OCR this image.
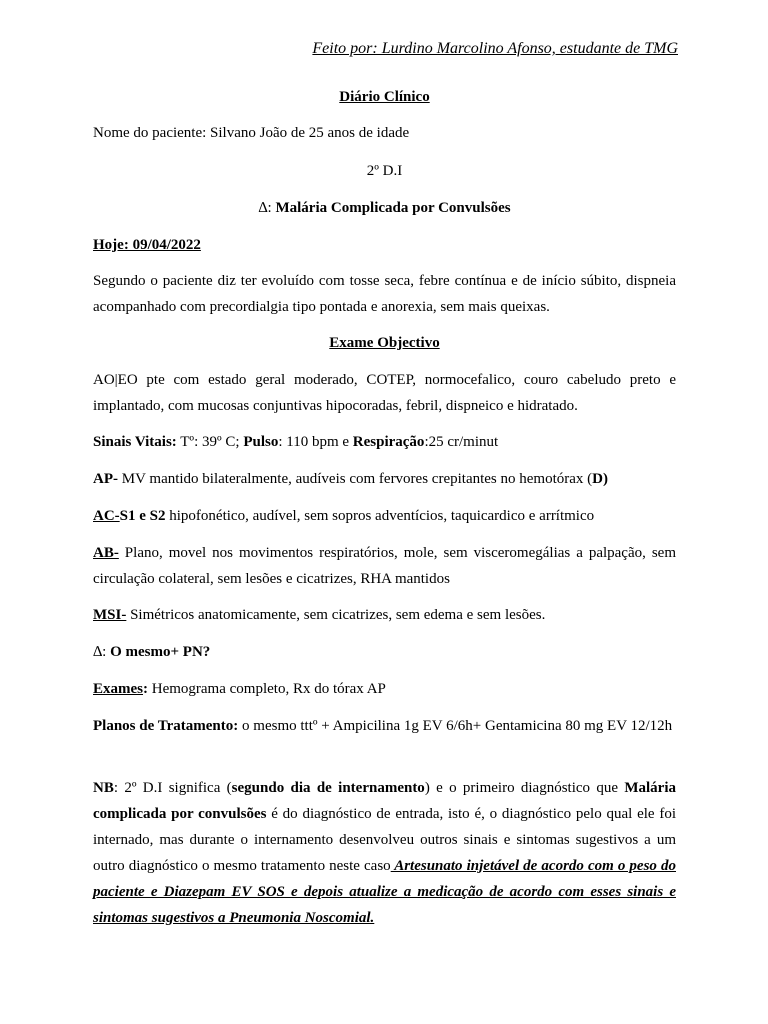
Feito por: Lurdino Marcolino Afonso, estudante de TMG
Diário Clínico
Nome do paciente: Silvano João de 25 anos de idade
2º D.I
∆: Malária Complicada por Convulsões
Hoje: 09/04/2022
Segundo o paciente diz ter evoluído com tosse seca, febre contínua e de início súbito, dispneia acompanhado com precordialgia tipo pontada e anorexia, sem mais queixas.
Exame Objectivo
AO|EO pte com estado geral moderado, COTEP, normocefalico, couro cabeludo preto e implantado, com mucosas conjuntivas hipocoradas, febril, dispneico e hidratado.
Sinais Vitais: Tº: 39º C; Pulso: 110 bpm e Respiração:25 cr/minut
AP- MV mantido bilateralmente, audíveis com fervores crepitantes no hemotórax (D)
AC-S1 e S2 hipofonético, audível, sem sopros adventícios, taquicardico e arrítmico
AB- Plano, movel nos movimentos respiratórios, mole, sem visceromegálias a palpação, sem circulação colateral, sem lesões e cicatrizes, RHA mantidos
MSI- Simétricos anatomicamente, sem cicatrizes, sem edema e sem lesões.
∆: O mesmo+ PN?
Exames: Hemograma completo, Rx do tórax AP
Planos de Tratamento: o mesmo tttº + Ampicilina 1g EV 6/6h+ Gentamicina 80 mg EV 12/12h
NB: 2º D.I significa (segundo dia de internamento) e o primeiro diagnóstico que Malária complicada por convulsões é do diagnóstico de entrada, isto é, o diagnóstico pelo qual ele foi internado, mas durante o internamento desenvolveu outros sinais e sintomas sugestivos a um outro diagnóstico o mesmo tratamento neste caso Artesunato injetável de acordo com o peso do paciente e Diazepam EV SOS e depois atualize a medicação de acordo com esses sinais e sintomas sugestivos a Pneumonia Noscomial.
